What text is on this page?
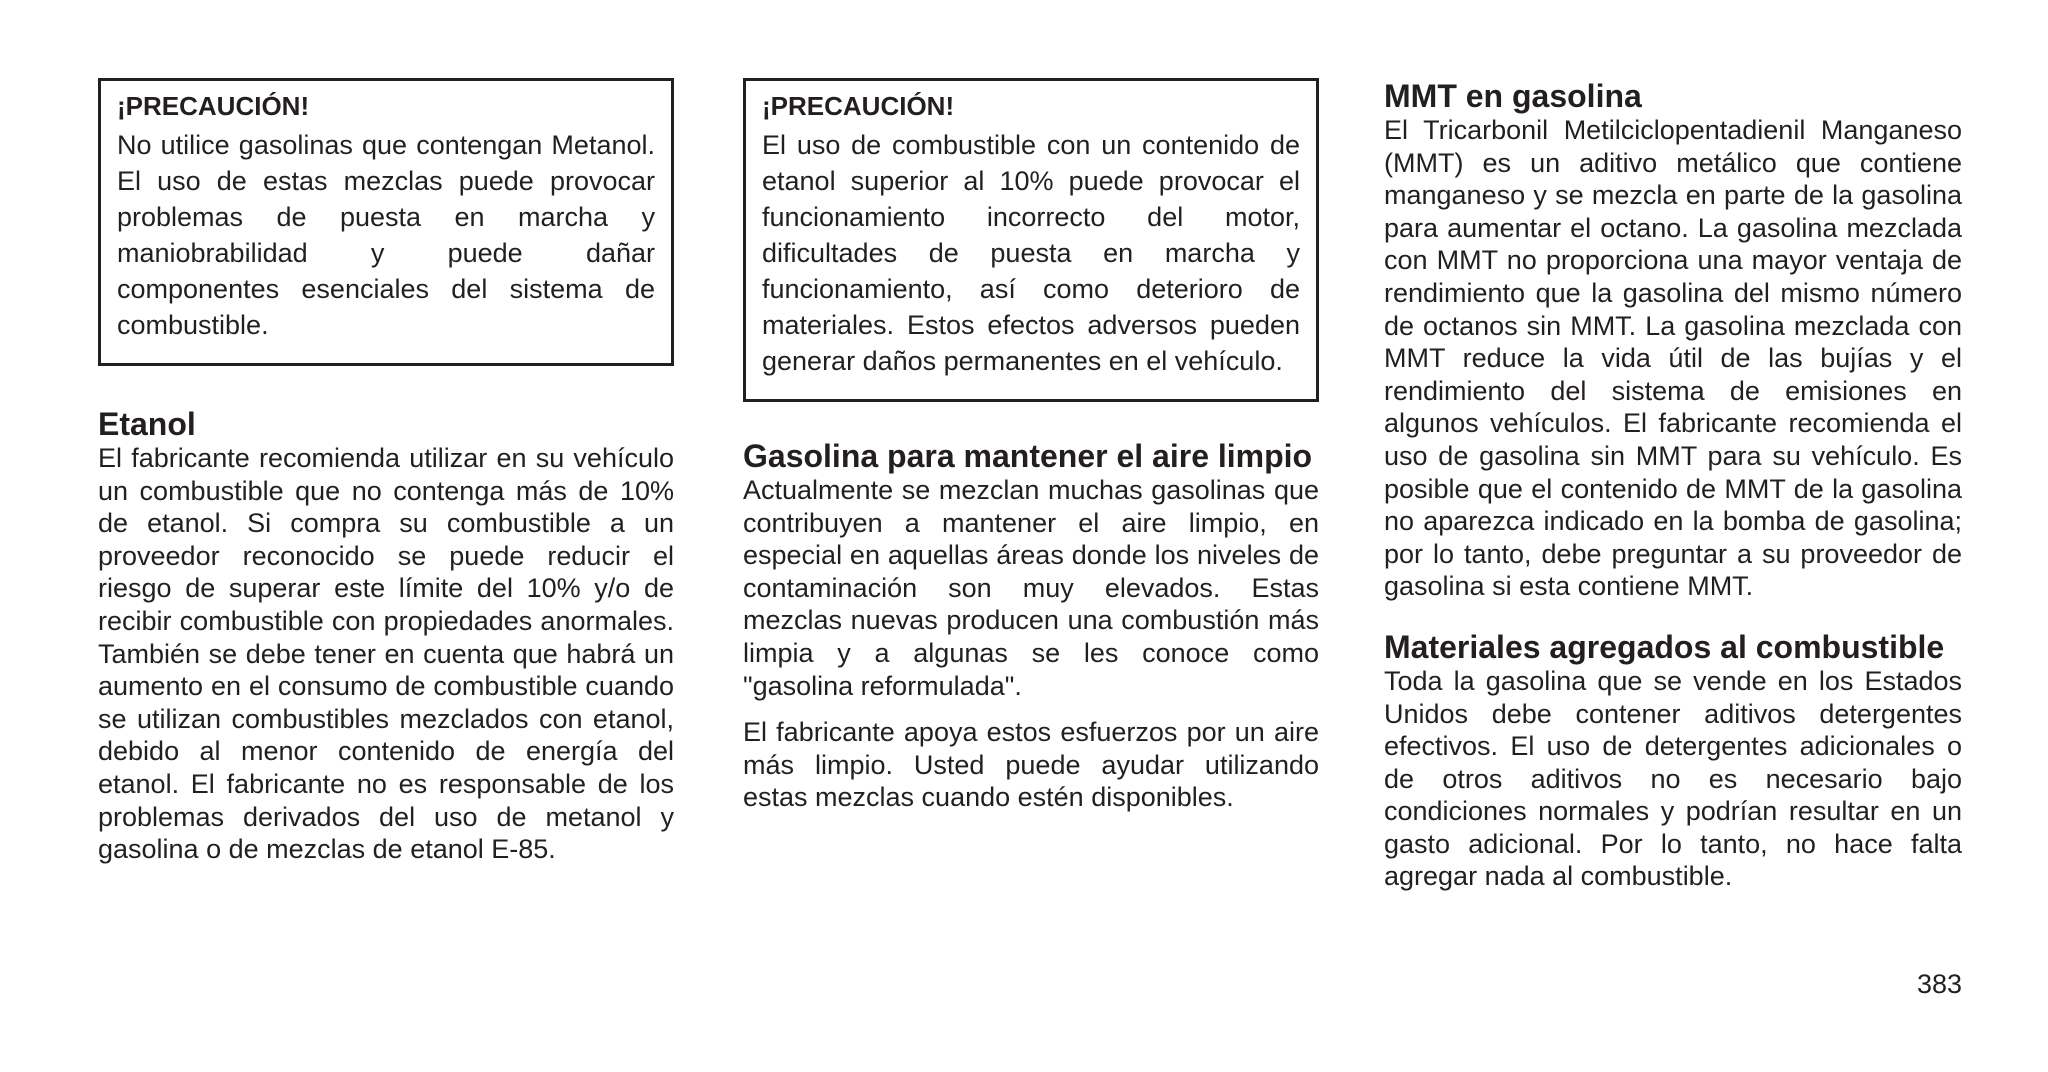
¡PRECAUCIÓN!

No utilice gasolinas que contengan Metanol. El uso de estas mezclas puede provocar problemas de puesta en marcha y maniobrabilidad y puede dañar componentes esenciales del sistema de combustible.

Etanol

El fabricante recomienda utilizar en su vehículo un combustible que no contenga más de 10% de etanol. Si compra su combustible a un proveedor reconocido se puede reducir el riesgo de superar este límite del 10% y/o de recibir combustible con propiedades anormales. También se debe tener en cuenta que habrá un aumento en el consumo de combustible cuando se utilizan combustibles mezclados con etanol, debido al menor contenido de energía del etanol. El fabricante no es responsable de los problemas derivados del uso de metanol y gasolina o de mezclas de etanol E-85.

¡PRECAUCIÓN!

El uso de combustible con un contenido de etanol superior al 10% puede provocar el funcionamiento incorrecto del motor, dificultades de puesta en marcha y funcionamiento, así como deterioro de materiales. Estos efectos adversos pueden generar daños permanentes en el vehículo.

Gasolina para mantener el aire limpio

Actualmente se mezclan muchas gasolinas que contribuyen a mantener el aire limpio, en especial en aquellas áreas donde los niveles de contaminación son muy elevados. Estas mezclas nuevas producen una combustión más limpia y a algunas se les conoce como "gasolina reformulada".

El fabricante apoya estos esfuerzos por un aire más limpio. Usted puede ayudar utilizando estas mezclas cuando estén disponibles.

MMT en gasolina

El Tricarbonil Metilciclopentadienil Manganeso (MMT) es un aditivo metálico que contiene manganeso y se mezcla en parte de la gasolina para aumentar el octano. La gasolina mezclada con MMT no proporciona una mayor ventaja de rendimiento que la gasolina del mismo número de octanos sin MMT. La gasolina mezclada con MMT reduce la vida útil de las bujías y el rendimiento del sistema de emisiones en algunos vehículos. El fabricante recomienda el uso de gasolina sin MMT para su vehículo. Es posible que el contenido de MMT de la gasolina no aparezca indicado en la bomba de gasolina; por lo tanto, debe preguntar a su proveedor de gasolina si esta contiene MMT.

Materiales agregados al combustible

Toda la gasolina que se vende en los Estados Unidos debe contener aditivos detergentes efectivos. El uso de detergentes adicionales o de otros aditivos no es necesario bajo condiciones normales y podrían resultar en un gasto adicional. Por lo tanto, no hace falta agregar nada al combustible.

383
